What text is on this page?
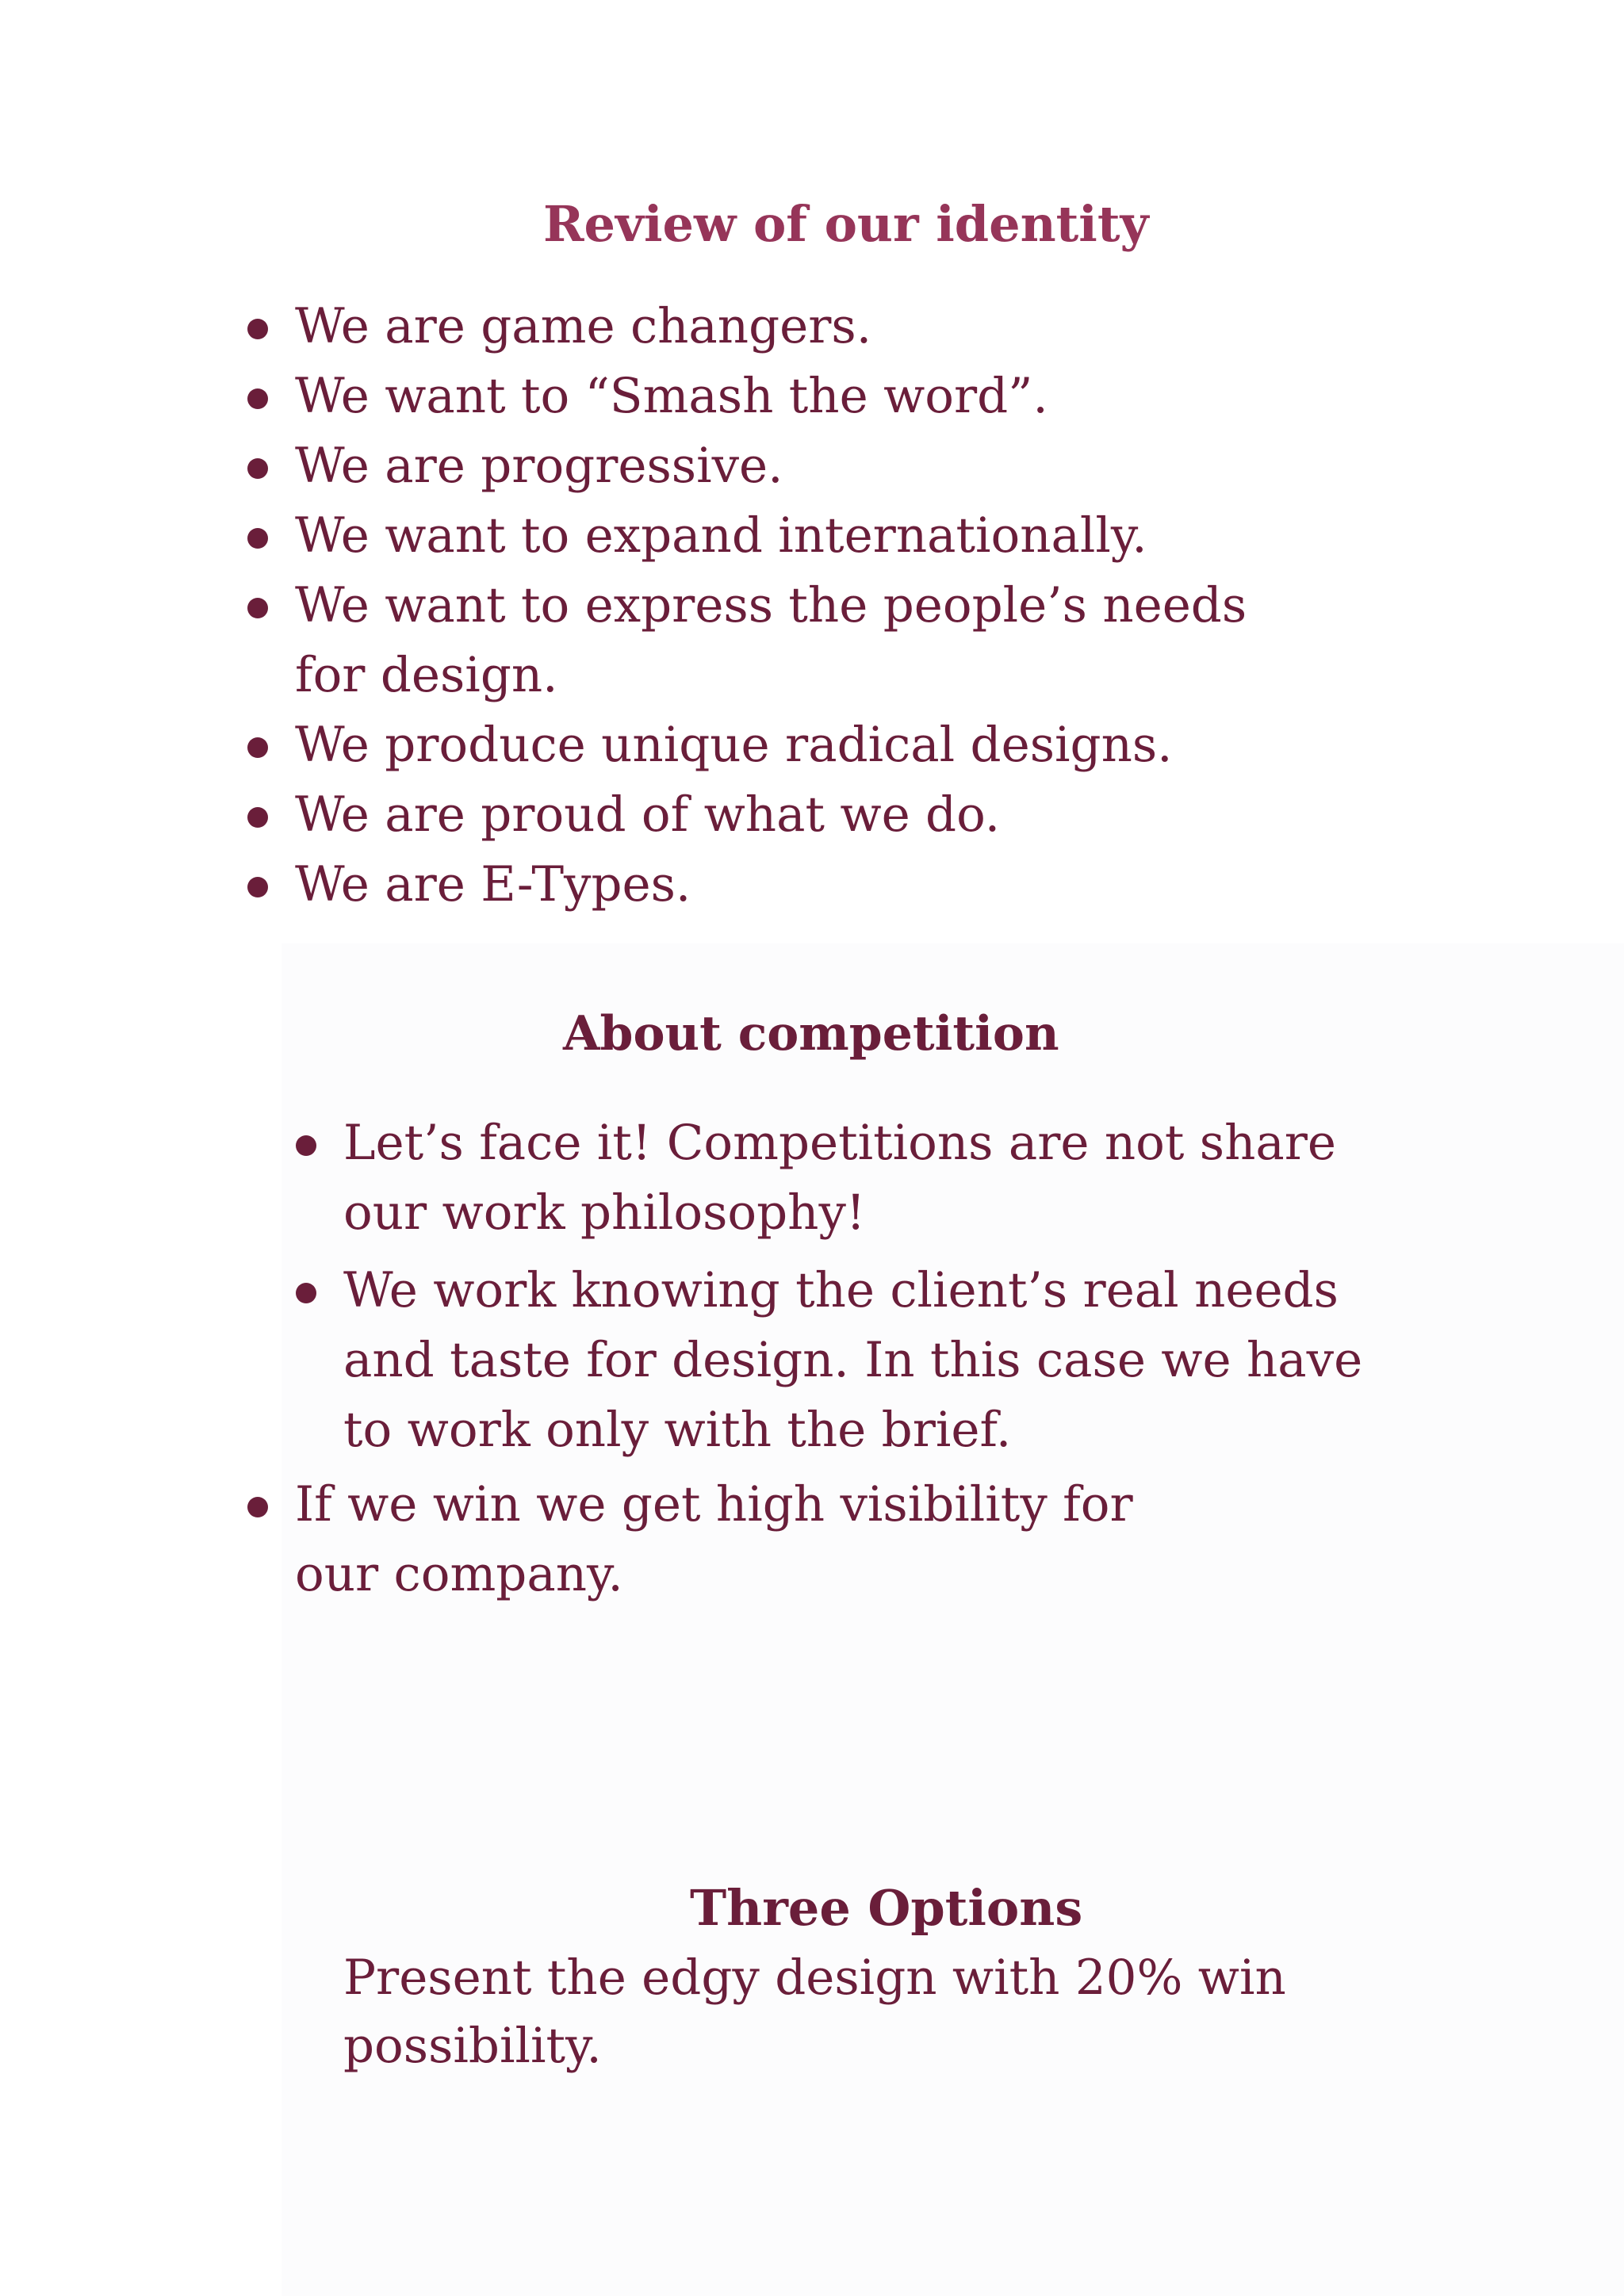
Review of our identity
We are game changers.
We want to “Smash the word”.
We are progressive.
We want to expand internationally.
We want to express the people’s needs for design.
We produce unique radical designs.
We are proud of what we do.
We are E-Types.
About competition
Let’s face it! Competitions are not share our work philosophy!
We work knowing the client’s real needs and taste for design. In this case we have to work only with the brief.
If we win we get high visibility for our company.
Three Options

Present the edgy design with 20% win possibility.
